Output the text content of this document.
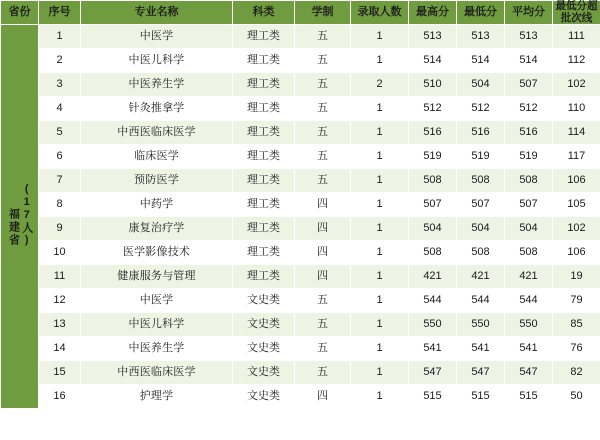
省份	序号	专业名称	科类	学制	录取人数	最高分	最低分	平均分	最低分超
批次线

福建省(17人)	1	中医学	理工类	五	1	513	513	513	111
	2	中医儿科学	理工类	五	1	514	514	514	112
	3	中医养生学	理工类	五	2	510	504	507	102
	4	针灸推拿学	理工类	五	1	512	512	512	110
	5	中西医临床医学	理工类	五	1	516	516	516	114
	6	临床医学	理工类	五	1	519	519	519	117
	7	预防医学	理工类	五	1	508	508	508	106
	8	中药学	理工类	四	1	507	507	507	105
	9	康复治疗学	理工类	四	1	504	504	504	102
	10	医学影像技术	理工类	四	1	508	508	508	106
	11	健康服务与管理	理工类	四	1	421	421	421	19
	12	中医学	文史类	五	1	544	544	544	79
	13	中医儿科学	文史类	五	1	550	550	550	85
	14	中医养生学	文史类	五	1	541	541	541	76
	15	中西医临床医学	文史类	五	1	547	547	547	82
	16	护理学	文史类	四	1	515	515	515	50
